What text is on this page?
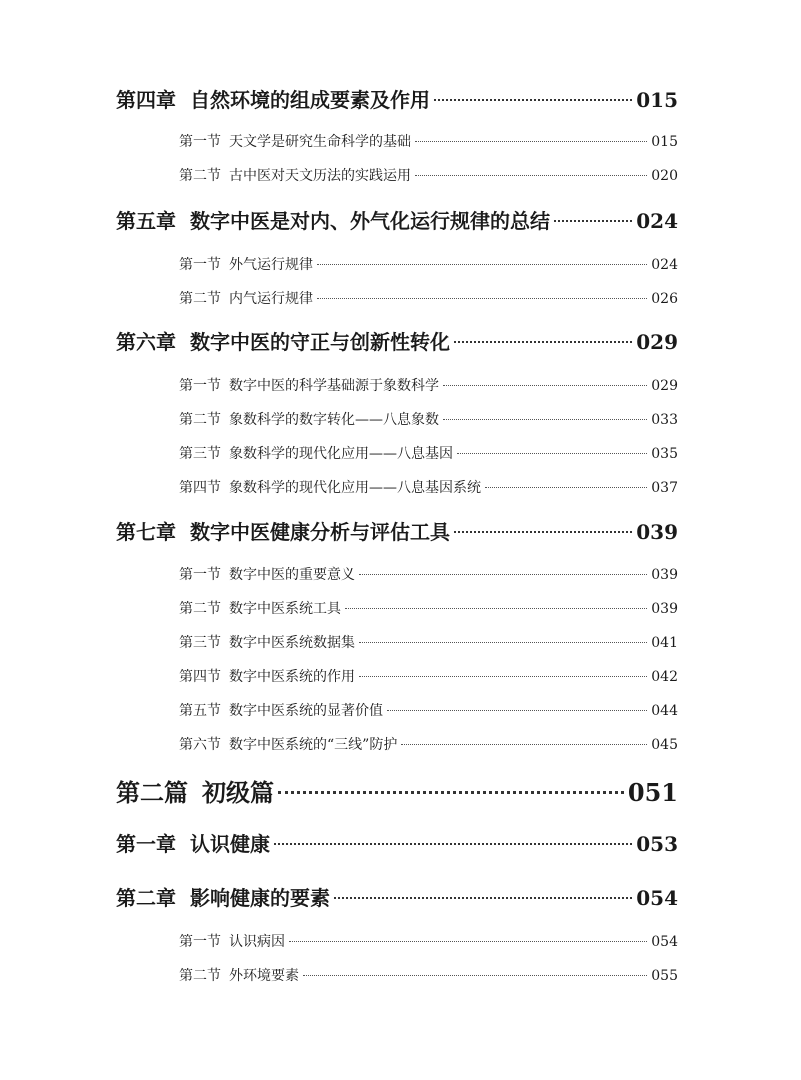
第四章 自然环境的组成要素及作用	015
第一节 天文学是研究生命科学的基础	015
第二节 古中医对天文历法的实践运用	020
第五章 数字中医是对内、外气化运行规律的总结	024
第一节 外气运行规律	024
第二节 内气运行规律	026
第六章 数字中医的守正与创新性转化	029
第一节 数字中医的科学基础源于象数科学	029
第二节 象数科学的数字转化——八息象数	033
第三节 象数科学的现代化应用——八息基因	035
第四节 象数科学的现代化应用——八息基因系统	037
第七章 数字中医健康分析与评估工具	039
第一节 数字中医的重要意义	039
第二节 数字中医系统工具	039
第三节 数字中医系统数据集	041
第四节 数字中医系统的作用	042
第五节 数字中医系统的显著价值	044
第六节 数字中医系统的“三线”防护	045
第二篇 初级篇	051
第一章 认识健康	053
第二章 影响健康的要素	054
第一节 认识病因	054
第二节 外环境要素	055
